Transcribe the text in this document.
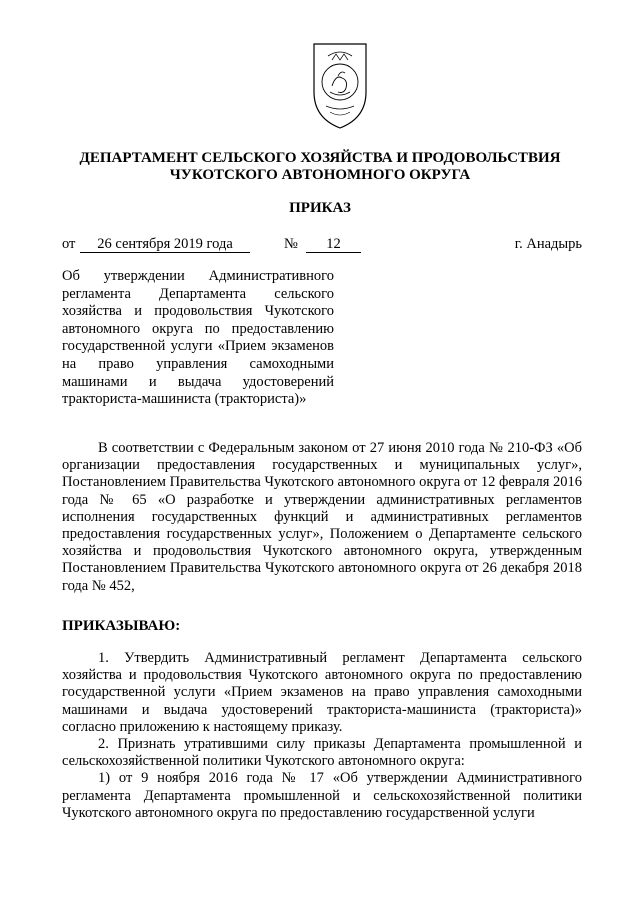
ДЕПАРТАМЕНТ СЕЛЬСКОГО ХОЗЯЙСТВА И ПРОДОВОЛЬСТВИЯ
ЧУКОТСКОГО АВТОНОМНОГО ОКРУГА
ПРИКАЗ
от	26 сентября 2019 года	№	12	г. Анадырь
Об утверждении Административного регламента Департамента сельского хозяйства и продовольствия Чукотского автономного округа по предоставлению государственной услуги «Прием экзаменов на право управления самоходными машинами и выдача удостоверений тракториста-машиниста (тракториста)»

В соответствии с Федеральным законом от 27 июня 2010 года № 210-ФЗ «Об организации предоставления государственных и муниципальных услуг», Постановлением Правительства Чукотского автономного округа от 12 февраля 2016 года № 65 «О разработке и утверждении административных регламентов исполнения государственных функций и административных регламентов предоставления государственных услуг», Положением о Департаменте сельского хозяйства и продовольствия Чукотского автономного округа, утвержденным Постановлением Правительства Чукотского автономного округа от 26 декабря 2018 года № 452,

ПРИКАЗЫВАЮ:

1. Утвердить Административный регламент Департамента сельского хозяйства и продовольствия Чукотского автономного округа по предоставлению государственной услуги «Прием экзаменов на право управления самоходными машинами и выдача удостоверений тракториста-машиниста (тракториста)» согласно приложению к настоящему приказу.

2. Признать утратившими силу приказы Департамента промышленной и сельскохозяйственной политики Чукотского автономного округа:

1) от 9 ноября 2016 года № 17 «Об утверждении Административного регламента Департамента промышленной и сельскохозяйственной политики Чукотского автономного округа по предоставлению государственной услуги
